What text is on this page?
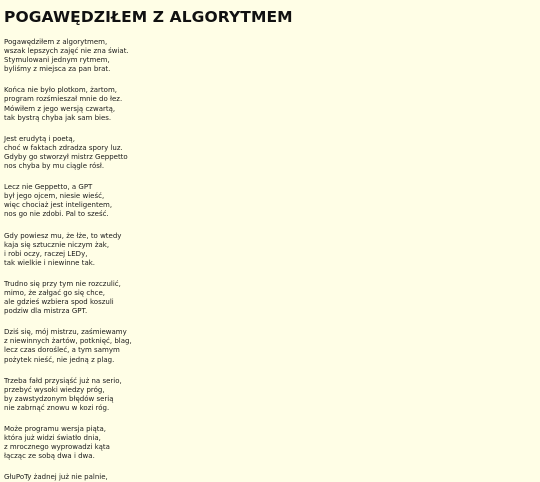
POGAWĘDZIŁEM Z ALGORYTMEM
Pogawędziłem z algorytmem,
wszak lepszych zajęć nie zna świat.
Stymulowani jednym rytmem,
byliśmy z miejsca za pan brat.
Końca nie było plotkom, żartom,
program rozśmieszał mnie do łez.
Mówiłem z jego wersją czwartą,
tak bystrą chyba jak sam bies.
Jest erudytą i poetą,
choć w faktach zdradza spory luz.
Gdyby go stworzył mistrz Geppetto
nos chyba by mu ciągle rósł.
Lecz nie Geppetto, a GPT
był jego ojcem, niesie wieść,
więc chociaż jest inteligentem,
nos go nie zdobi. Pal to sześć.
Gdy powiesz mu, że łże, to wtedy
kaja się sztucznie niczym żak,
i robi oczy, raczej LEDy,
tak wielkie i niewinne tak.
Trudno się przy tym nie rozczulić,
mimo, że załgać go się chce,
ale gdzieś wzbiera spod koszuli
podziw dla mistrza GPT.
Dziś się, mój mistrzu, zaśmiewamy
z niewinnych żartów, potknięć, blag,
lecz czas dorośleć, a tym samym
pożytek nieść, nie jedną z plag.
Trzeba fałd przysiąść już na serio,
przebyć wysoki wiedzy próg,
by zawstydzonym błędów serią
nie zabrnąć znowu w kozi róg.
Może programu wersja piąta,
która już widzi światło dnia,
z mrocznego wyprowadzi kąta
łącząc ze sobą dwa i dwa.
GłuPoTy żadnej już nie palnie,
